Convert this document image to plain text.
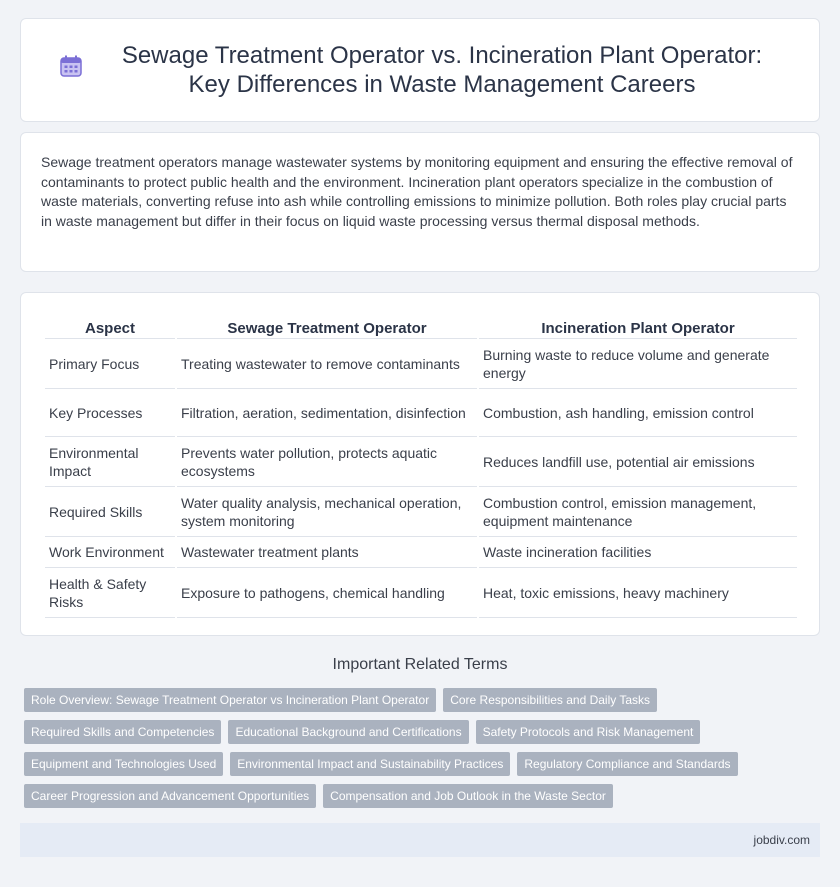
Sewage Treatment Operator vs. Incineration Plant Operator: Key Differences in Waste Management Careers

Sewage treatment operators manage wastewater systems by monitoring equipment and ensuring the effective removal of contaminants to protect public health and the environment. Incineration plant operators specialize in the combustion of waste materials, converting refuse into ash while controlling emissions to minimize pollution. Both roles play crucial parts in waste management but differ in their focus on liquid waste processing versus thermal disposal methods.

Aspect	Sewage Treatment Operator	Incineration Plant Operator
Primary Focus	Treating wastewater to remove contaminants	Burning waste to reduce volume and generate energy
Key Processes	Filtration, aeration, sedimentation, disinfection	Combustion, ash handling, emission control
Environmental Impact	Prevents water pollution, protects aquatic ecosystems	Reduces landfill use, potential air emissions
Required Skills	Water quality analysis, mechanical operation, system monitoring	Combustion control, emission management, equipment maintenance
Work Environment	Wastewater treatment plants	Waste incineration facilities
Health & Safety Risks	Exposure to pathogens, chemical handling	Heat, toxic emissions, heavy machinery
Important Related Terms
Role Overview: Sewage Treatment Operator vs Incineration Plant Operator	Core Responsibilities and Daily Tasks
Required Skills and Competencies	Educational Background and Certifications	Safety Protocols and Risk Management
Equipment and Technologies Used	Environmental Impact and Sustainability Practices	Regulatory Compliance and Standards
Career Progression and Advancement Opportunities	Compensation and Job Outlook in the Waste Sector
jobdiv.com
